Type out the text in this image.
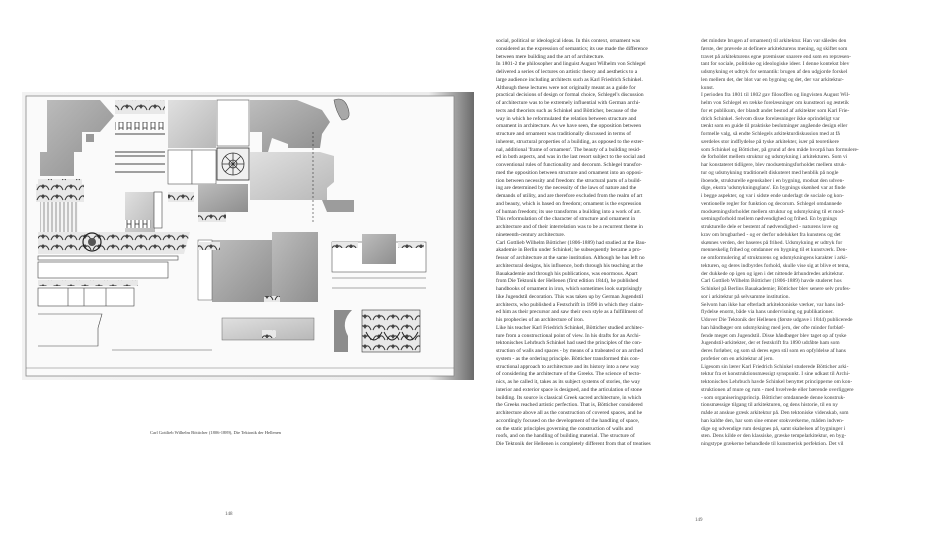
Carl Gottlieb Wilhelm Bötticher (1806-1889), Die Tektonik der Hellenen
148
social, political or ideological ideas. In this context, ornament was
considered as the expression of semantics; its use made the difference
between mere building and the art of architecture.
In 1801-2 the philosopher and linguist August Wilhelm von Schlegel
delivered a series of lectures on artistic theory and aesthetics to a
large audience including architects such as Karl Friedrich Schinkel.
Although these lectures were not originally meant as a guide for
practical decisions of design or formal choice, Schlegel's discussion
of architecture was to be extremely influential with German archi-
tects and theorists such as Schinkel and Bötticher, because of the
way in which he reformulated the relation between structure and
ornament in architecture. As we have seen, the opposition between
structure and ornament was traditionally discussed in terms of
inherent, structural properties of a building, as opposed to the exter-
nal, additional 'frame of ornament'. The beauty of a building resid-
ed in both aspects, and was in the last resort subject to the social and
conventional rules of functionality and decorum. Schlegel transfor-
med the opposition between structure and ornament into an opposi-
tion between necessity and freedom: the structural parts of a build-
ing are determined by the necessity of the laws of nature and the
demands of utility, and are therefore excluded from the realm of art
and beauty, which is based on freedom; ornament is the expression
of human freedom; its use transforms a building into a work of art.
This reformulation of the character of structure and ornament in
architecture and of their interrelation was to be a recurrent theme in
nineteenth-century architecture.
Carl Gottlieb Wilhelm Bötticher (1806-1889) had studied at the Bau-
akademie in Berlin under Schinkel; he subsequently became a pro-
fessor of architecture at the same institution. Although he has left no
architectural designs, his influence, both through his teaching at the
Bauakademie and through his publications, was enormous. Apart
from Die Tektonik der Hellenen (first edition 1844), he published
handbooks of ornament in iron, which sometimes look surprisingly
like Jugendstil decoration. This was taken up by German Jugendstil
architects, who published a Festschrift in 1890 in which they claim-
ed him as their precursor and saw their own style as a fulfillment of
his prophecies of an architecture of iron.
Like his teacher Karl Friedrich Schinkel, Bötticher studied architec-
ture from a constructional point of view. In his drafts for an Archi-
tektonisches Lehrbuch Schinkel had used the principles of the con-
struction of walls and spaces - by means of a trabeated or an arched
system - as the ordering principle. Bötticher transformed this con-
structional approach to architecture and its history into a new way
of considering the architecture of the Greeks. The science of tecto-
nics, as he called it, takes as its subject systems of stories, the way
interior and exterior space is designed, and the articulation of stone
building. Its source is classical Greek sacred architecture, in which
the Greeks reached artistic perfection. That is, Bötticher considered
architecture above all as the construction of covered spaces, and he
accordingly focused on the development of the handling of space,
on the static principles governing the construction of walls and
roofs, and on the handling of building material. The structure of
Die Tektonik der Hellenen is completely different from that of treatises
det mindste brugen af ornament) til arkitektur. Han var således den
første, der prøvede at definere arkitekturens mening, og skiftet som
travet på arkitekturens egne præmisser snarere end som en repræsen-
tant for sociale, politiske og ideologiske ideer. I denne kontekst blev
udsmykning et udtryk for semantik: brugen af den udgjorde forskel
len mellem det, der blot var en bygning og det, der var arkitektur-
kunst.
I perioden fra 1801 til 1802 gav filosoffen og lingvisten August Wil-
helm von Schlegel en række forelæsninger om kunstteori og æstetik
for et publikum, der blandt andet bestod af arkitekter som Karl Frie-
drich Schinkel. Selvom disse forelæsninger ikke oprindeligt var
tænkt som en guide til praktiske beslutninger angående design eller
formelle valg, så endte Schlegels arkitekturdiskussion med at få
særdeles stor indflydelse på tyske arkitekter, især på teoretikere
som Schinkel og Bötticher, på grund af den måde hvorpå han formulere-
de forholdet mellem struktur og udsmykning i arkitekturen. Som vi
har konstateret tidligere, blev modsætningsforholdet mellem struk-
tur og udsmykning traditionelt diskuteret med henblik på nogle
iboende, strukturelle egenskaber i en bygning, modsat den udven-
dige, ekstra 'udsmykningsglans'. En bygnings skønhed var at finde
i begge aspekter, og var i sidste ende underlagt de sociale og kon-
ventionelle regler for funktion og decorum. Schlegel omdannede
modsætningsforholdet mellem struktur og udsmykning til et mod-
sætningsforhold mellem nødvendighed og frihed. En bygnings
strukturelle dele er bestemt af nødvendighed - naturens love og
krav om brugbarhed - og er derfor udelukket fra kunstens og det
skønnes verden, der baseres på frihed. Udsmykning er udtryk for
menneskelig frihed og omdanner en bygning til et kunstværk. Den-
ne omformulering af strukturens og udsmykningens karakter i arki-
tekturen, og deres indbyrdes forhold, skulle vise sig at blive et tema,
der dukkede op igen og igen i det nittende århundredes arkitektur.
Carl Gottlieb Wilhelm Bötticher (1806-1889) havde studeret hos
Schinkel på Berlins Bauakademie; Bötticher blev senere selv profes-
sor i arkitektur på selvsamme institution.
Selvom han ikke har efterladt arkitektoniske værker, var hans ind-
flydelse enorm, både via hans undervisning og publikationer.
Udover Die Tektonik der Hellenen (første udgave i 1844) publicerede
han håndbøger om udsmykning med jern, der ofte minder forbløf-
fende meget om Jugendstil. Disse håndbøger blev taget op af tyske
Jugendstil-arkitekter, der et festskrift fra 1890 udråbte ham som
deres forløber, og som så deres egen stil som en opfyldelse af hans
profetier om en arkitektur af jern.
Ligesom sin lærer Karl Friedrich Schinkel studerede Bötticher arki-
tektur fra et konstruktionsmæssigt synspunkt. I sine udkast til Archi-
tektonisches Lehrbuch havde Schinkel benyttet principperne om kon-
struktionen af mure og rum - med hvælvede eller bærende overliggere
- som organiseringsprincip. Bötticher omdannede denne konstruk-
tionsmæssige tilgang til arkitekturen, og dens historie, til en ny
måde at anskue græsk arkitektur på. Den tektoniske videnskab, som
han kaldte den, har som sine emner stokværkerne, måden indven-
dige og udvendige rum designes på, samt skabelsen af bygninger i
sten. Dens kilde er den klassiske, græske tempelarkitektur, en byg-
ningstype grækerne behandlede til kunstnerisk perfektion. Det vil
149
